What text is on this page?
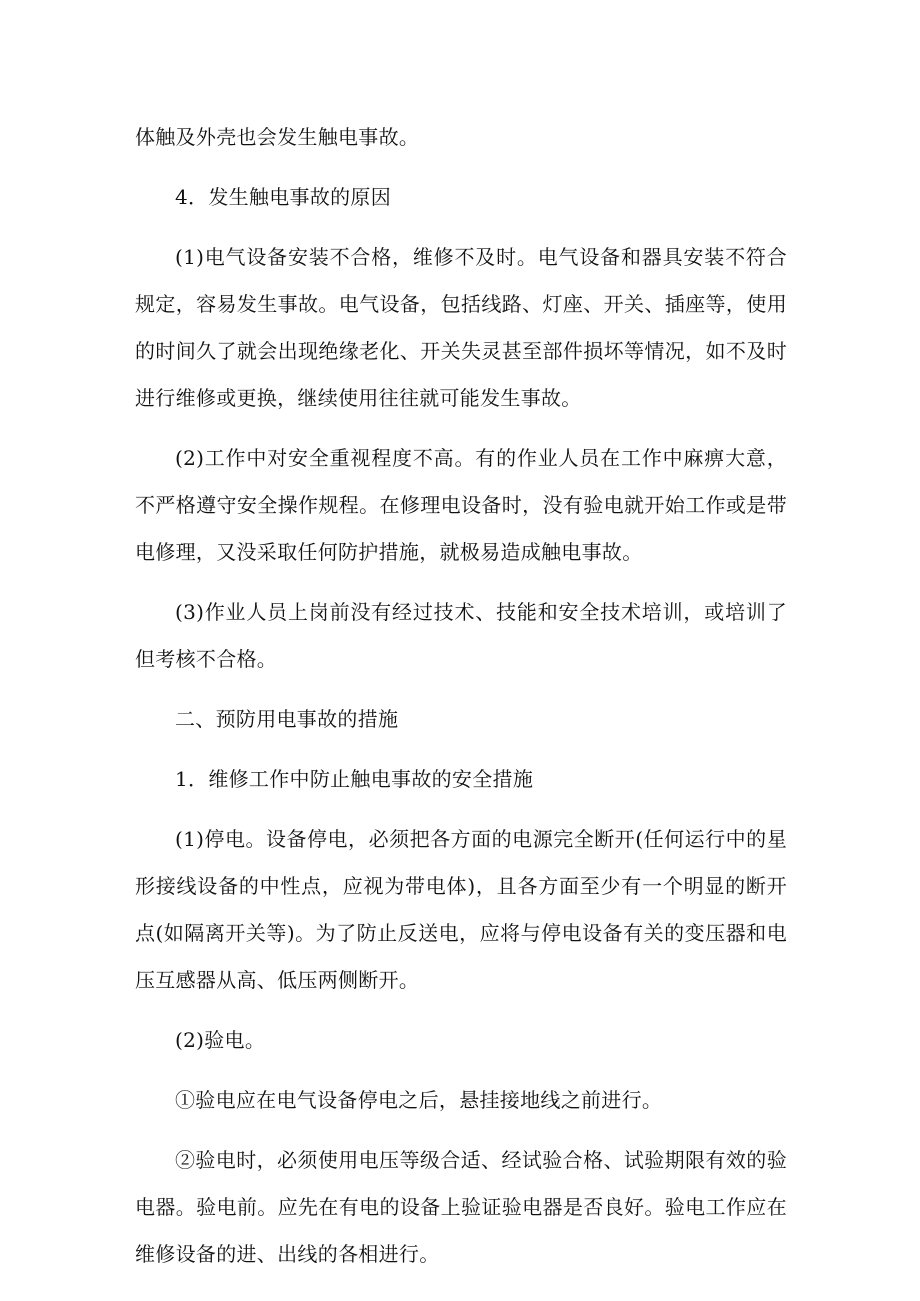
体触及外壳也会发生触电事故。

4．发生触电事故的原因

(1)电气设备安装不合格，维修不及时。电气设备和器具安装不符合规定，容易发生事故。电气设备，包括线路、灯座、开关、插座等，使用的时间久了就会出现绝缘老化、开关失灵甚至部件损坏等情况，如不及时进行维修或更换，继续使用往往就可能发生事故。

(2)工作中对安全重视程度不高。有的作业人员在工作中麻痹大意，不严格遵守安全操作规程。在修理电设备时，没有验电就开始工作或是带电修理，又没采取任何防护措施，就极易造成触电事故。

(3)作业人员上岗前没有经过技术、技能和安全技术培训，或培训了但考核不合格。

二、预防用电事故的措施

1．维修工作中防止触电事故的安全措施

(1)停电。设备停电，必须把各方面的电源完全断开(任何运行中的星形接线设备的中性点，应视为带电体)，且各方面至少有一个明显的断开点(如隔离开关等)。为了防止反送电，应将与停电设备有关的变压器和电压互感器从高、低压两侧断开。

(2)验电。

①验电应在电气设备停电之后，悬挂接地线之前进行。

②验电时，必须使用电压等级合适、经试验合格、试验期限有效的验电器。验电前。应先在有电的设备上验证验电器是否良好。验电工作应在维修设备的进、出线的各相进行。
